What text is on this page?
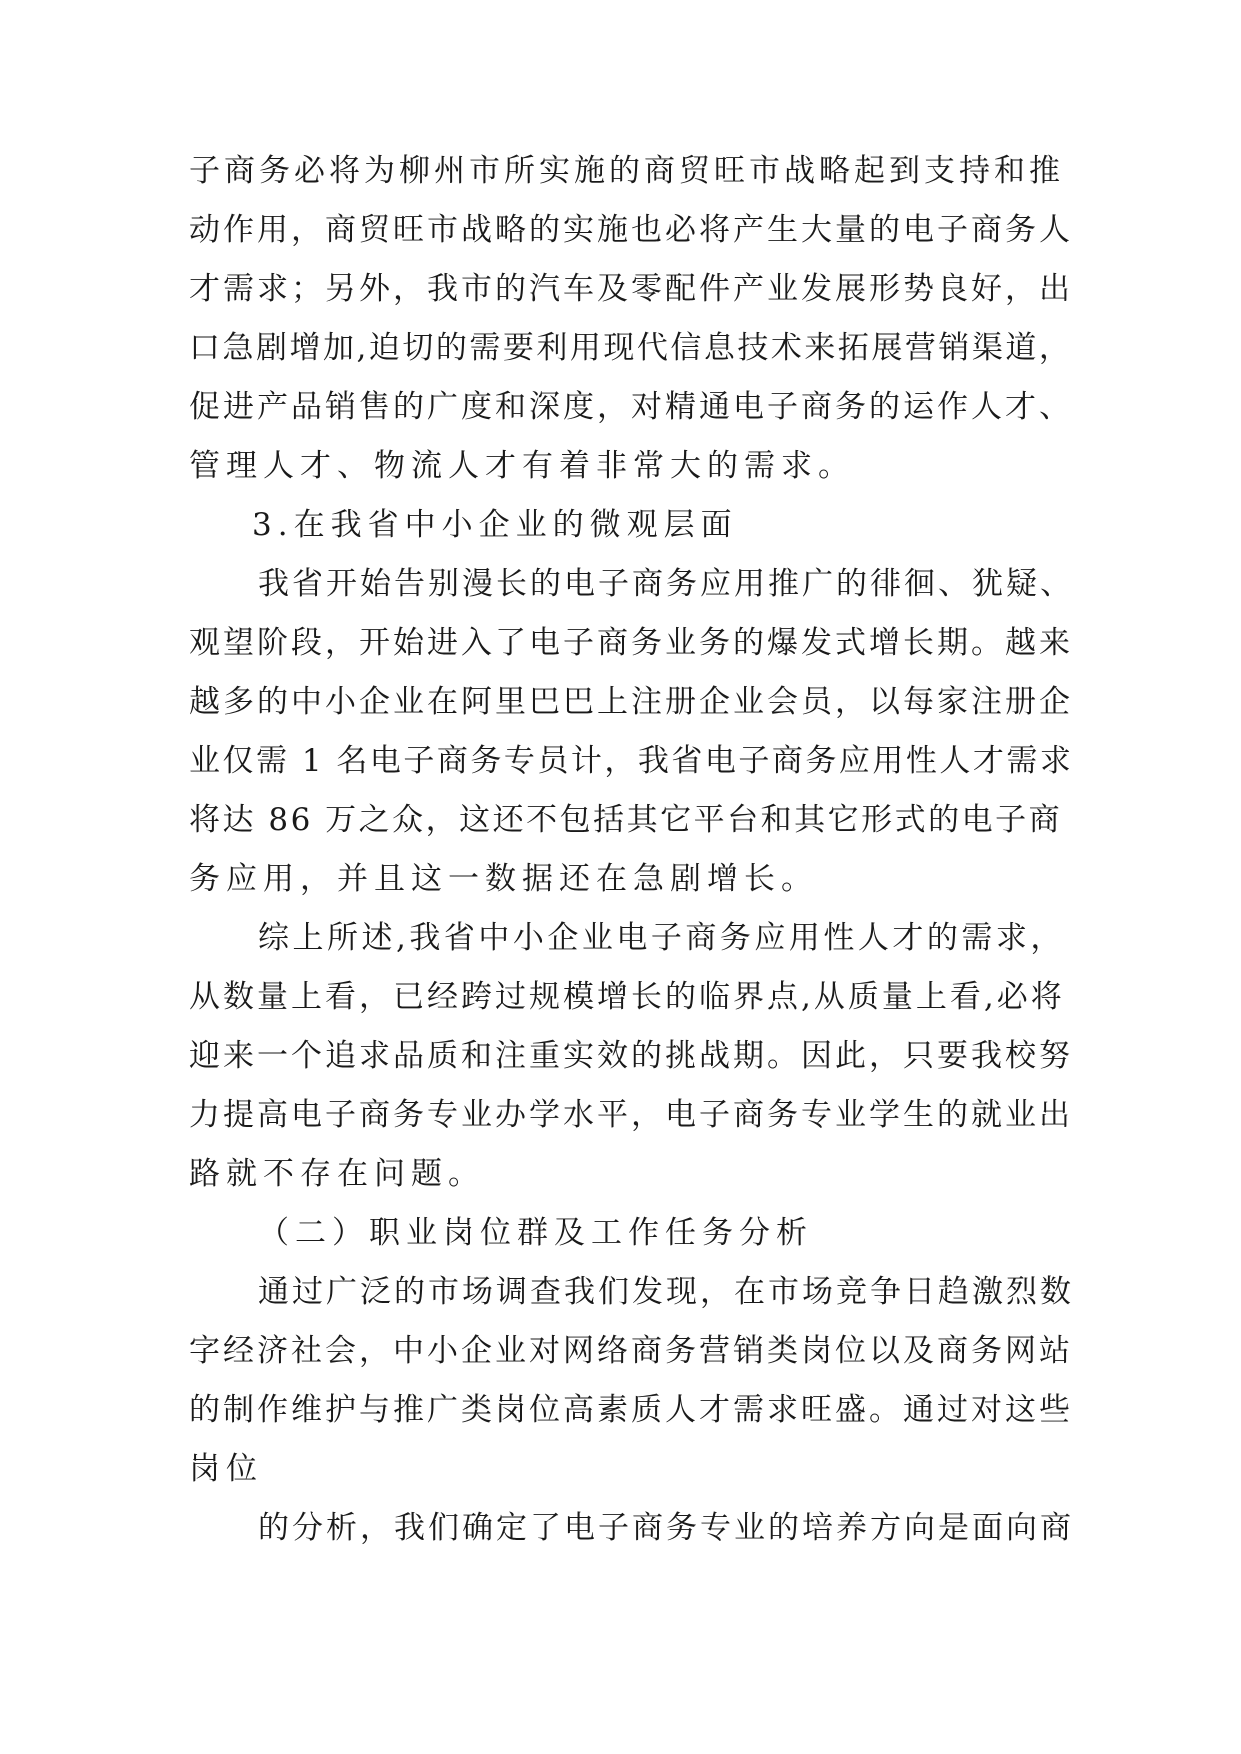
子商务必将为柳州市所实施的商贸旺市战略起到支持和推

动作用，商贸旺市战略的实施也必将产生大量的电子商务人

才需求；另外，我市的汽车及零配件产业发展形势良好，出

口急剧增加,迫切的需要利用现代信息技术来拓展营销渠道，

促进产品销售的广度和深度，对精通电子商务的运作人才、

管理人才、物流人才有着非常大的需求。

3.在我省中小企业的微观层面

我省开始告别漫长的电子商务应用推广的徘徊、犹疑、

观望阶段，开始进入了电子商务业务的爆发式增长期。越来

越多的中小企业在阿里巴巴上注册企业会员，以每家注册企

业仅需 1 名电子商务专员计，我省电子商务应用性人才需求

将达 86 万之众，这还不包括其它平台和其它形式的电子商

务应用，并且这一数据还在急剧增长。

综上所述,我省中小企业电子商务应用性人才的需求，

从数量上看，已经跨过规模增长的临界点,从质量上看,必将

迎来一个追求品质和注重实效的挑战期。因此，只要我校努

力提高电子商务专业办学水平，电子商务专业学生的就业出

路就不存在问题。

（二）职业岗位群及工作任务分析

通过广泛的市场调查我们发现，在市场竞争日趋激烈数

字经济社会，中小企业对网络商务营销类岗位以及商务网站

的制作维护与推广类岗位高素质人才需求旺盛。通过对这些

岗位

的分析，我们确定了电子商务专业的培养方向是面向商
